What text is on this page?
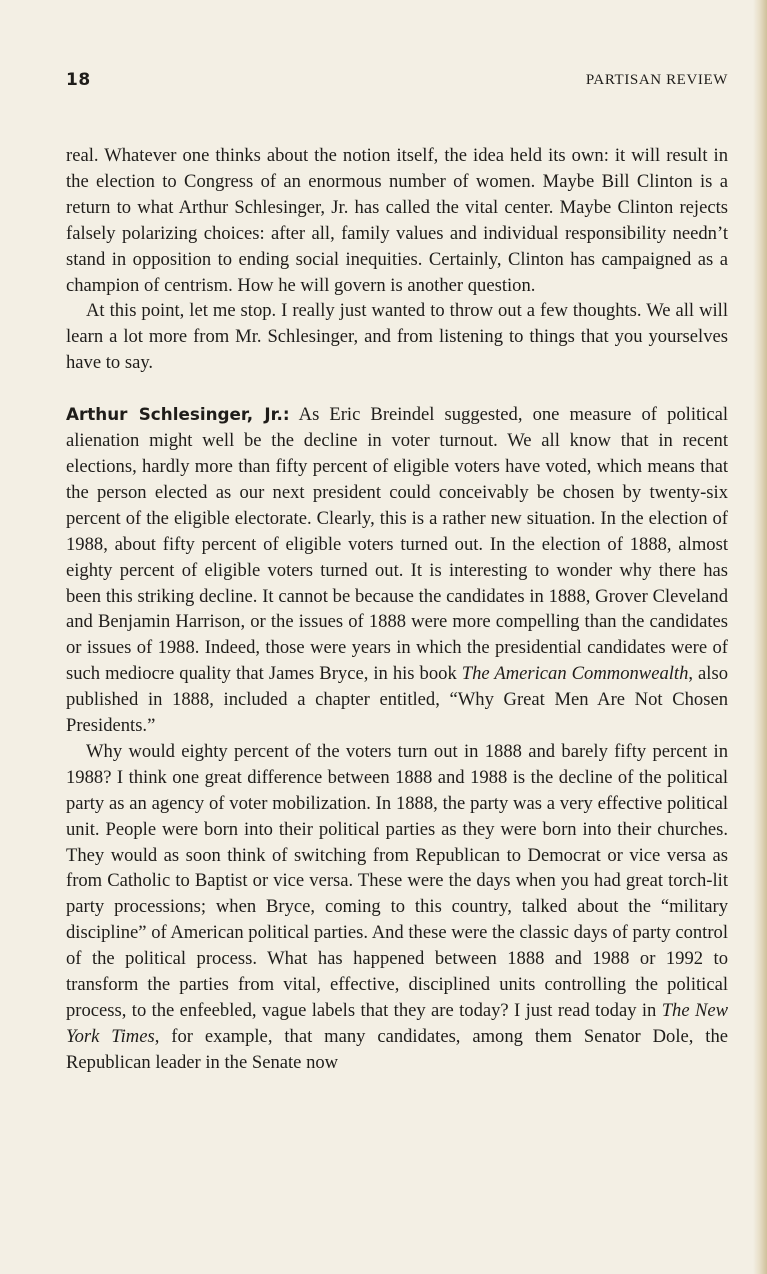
18	PARTISAN REVIEW

real. Whatever one thinks about the notion itself, the idea held its own: it will result in the election to Congress of an enormous number of women. Maybe Bill Clinton is a return to what Arthur Schlesinger, Jr. has called the vital center. Maybe Clinton rejects falsely polarizing choices: after all, family values and individual responsibility needn’t stand in opposition to ending social inequities. Certainly, Clinton has campaigned as a champion of centrism. How he will govern is another question.

At this point, let me stop. I really just wanted to throw out a few thoughts. We all will learn a lot more from Mr. Schlesinger, and from listening to things that you yourselves have to say.

Arthur Schlesinger, Jr.: As Eric Breindel suggested, one measure of political alienation might well be the decline in voter turnout. We all know that in recent elections, hardly more than fifty percent of eligible voters have voted, which means that the person elected as our next president could conceivably be chosen by twenty-six percent of the eligible electorate. Clearly, this is a rather new situation. In the election of 1988, about fifty percent of eligible voters turned out. In the election of 1888, almost eighty percent of eligible voters turned out. It is interesting to wonder why there has been this striking decline. It cannot be because the candidates in 1888, Grover Cleveland and Benjamin Harrison, or the issues of 1888 were more compelling than the candidates or issues of 1988. Indeed, those were years in which the presidential candidates were of such mediocre quality that James Bryce, in his book The American Commonwealth, also published in 1888, included a chapter entitled, “Why Great Men Are Not Chosen Presidents.”

Why would eighty percent of the voters turn out in 1888 and barely fifty percent in 1988? I think one great difference between 1888 and 1988 is the decline of the political party as an agency of voter mobilization. In 1888, the party was a very effective political unit. People were born into their political parties as they were born into their churches. They would as soon think of switching from Republican to Democrat or vice versa as from Catholic to Baptist or vice versa. These were the days when you had great torch-lit party processions; when Bryce, coming to this country, talked about the “military discipline” of American political parties. And these were the classic days of party control of the political process. What has happened between 1888 and 1988 or 1992 to transform the parties from vital, effective, disciplined units controlling the political process, to the enfeebled, vague labels that they are today? I just read today in The New York Times, for example, that many candidates, among them Senator Dole, the Republican leader in the Senate now
